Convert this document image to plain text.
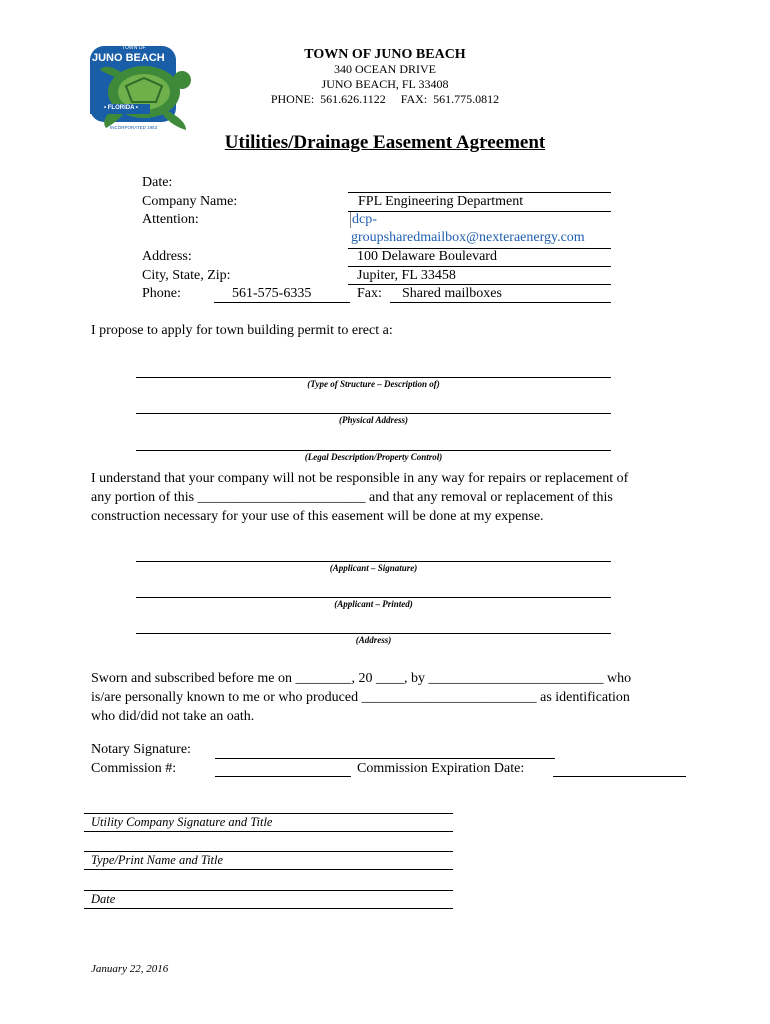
TOWN OF
JUNO BEACH
• FLORIDA •
INCORPORATED 1953
TOWN OF JUNO BEACH
340 OCEAN DRIVE
JUNO BEACH, FL 33408
PHONE:  561.626.1122     FAX:  561.775.0812
Utilities/Drainage Easement Agreement
Date:
Company Name:	FPL Engineering Department
Attention:	dcp-
groupsharedmailbox@nexteraenergy.com
Address:	100 Delaware Boulevard
City, State, Zip:	Jupiter, FL 33458
Phone:	561-575-6335	Fax: Shared mailboxes
I propose to apply for town building permit to erect a:
(Type of Structure – Description of)
(Physical Address)
(Legal Description/Property Control)
I understand that your company will not be responsible in any way for repairs or replacement of
any portion of this ________________________ and that any removal or replacement of this
construction necessary for your use of this easement will be done at my expense.
(Applicant – Signature)
(Applicant – Printed)
(Address)
Sworn and subscribed before me on ________, 20 ____, by _________________________ who
is/are personally known to me or who produced _________________________ as identification
who did/did not take an oath.
Notary Signature:
Commission #:	Commission Expiration Date:
Utility Company Signature and Title
Type/Print Name and Title
Date
January 22, 2016
